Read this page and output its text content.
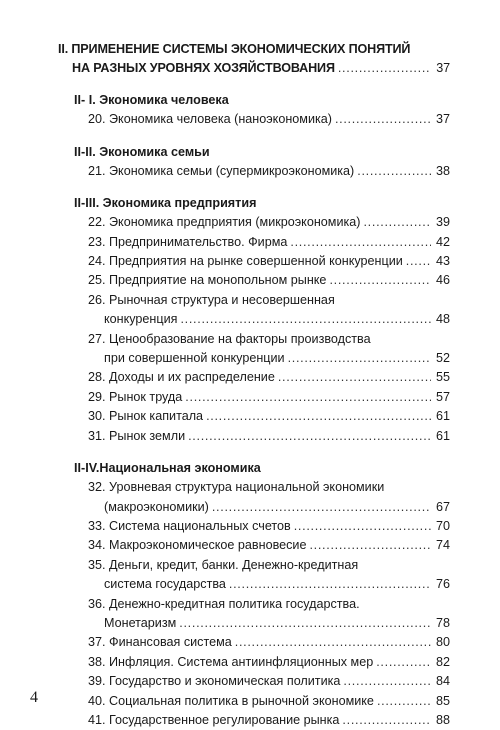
II. ПРИМЕНЕНИЕ СИСТЕМЫ ЭКОНОМИЧЕСКИХ ПОНЯТИЙ
НА РАЗНЫХ УРОВНЯХ ХОЗЯЙСТВОВАНИЯ . . .	37
II- I. Экономика человека
20. Экономика человека (наноэкономика) . . .	37
II-II. Экономика семьи
21. Экономика семьи (супермикроэкономика) . . .	38
II-III. Экономика предприятия
22. Экономика предприятия (микроэкономика) . . .	39
23. Предпринимательство. Фирма . . .	42
24. Предприятия на рынке совершенной конкуренции . . .	43
25. Предприятие на монопольном рынке . . .	46
26. Рыночная структура и несовершенная
конкуренция . . .	48
27. Ценообразование на факторы производства
при совершенной конкуренции . . .	52
28. Доходы и их распределение . . .	55
29. Рынок труда . . .	57
30. Рынок капитала . . .	61
31. Рынок земли . . .	61
II-IV.Национальная экономика
32. Уровневая структура национальной экономики
(макроэкономики) . . .	67
33. Система национальных счетов . . .	70
34. Макроэкономическое равновесие . . .	74
35. Деньги, кредит, банки. Денежно-кредитная
система государства . . .	76
36. Денежно-кредитная политика государства.
Монетаризм . . .	78
37. Финансовая система . . .	80
38. Инфляция. Система антиинфляционных мер . . .	82
39. Государство и экономическая политика . . .	84
40. Социальная политика в рыночной экономике . . .	85
41. Государственное регулирование рынка . . .	88
4
